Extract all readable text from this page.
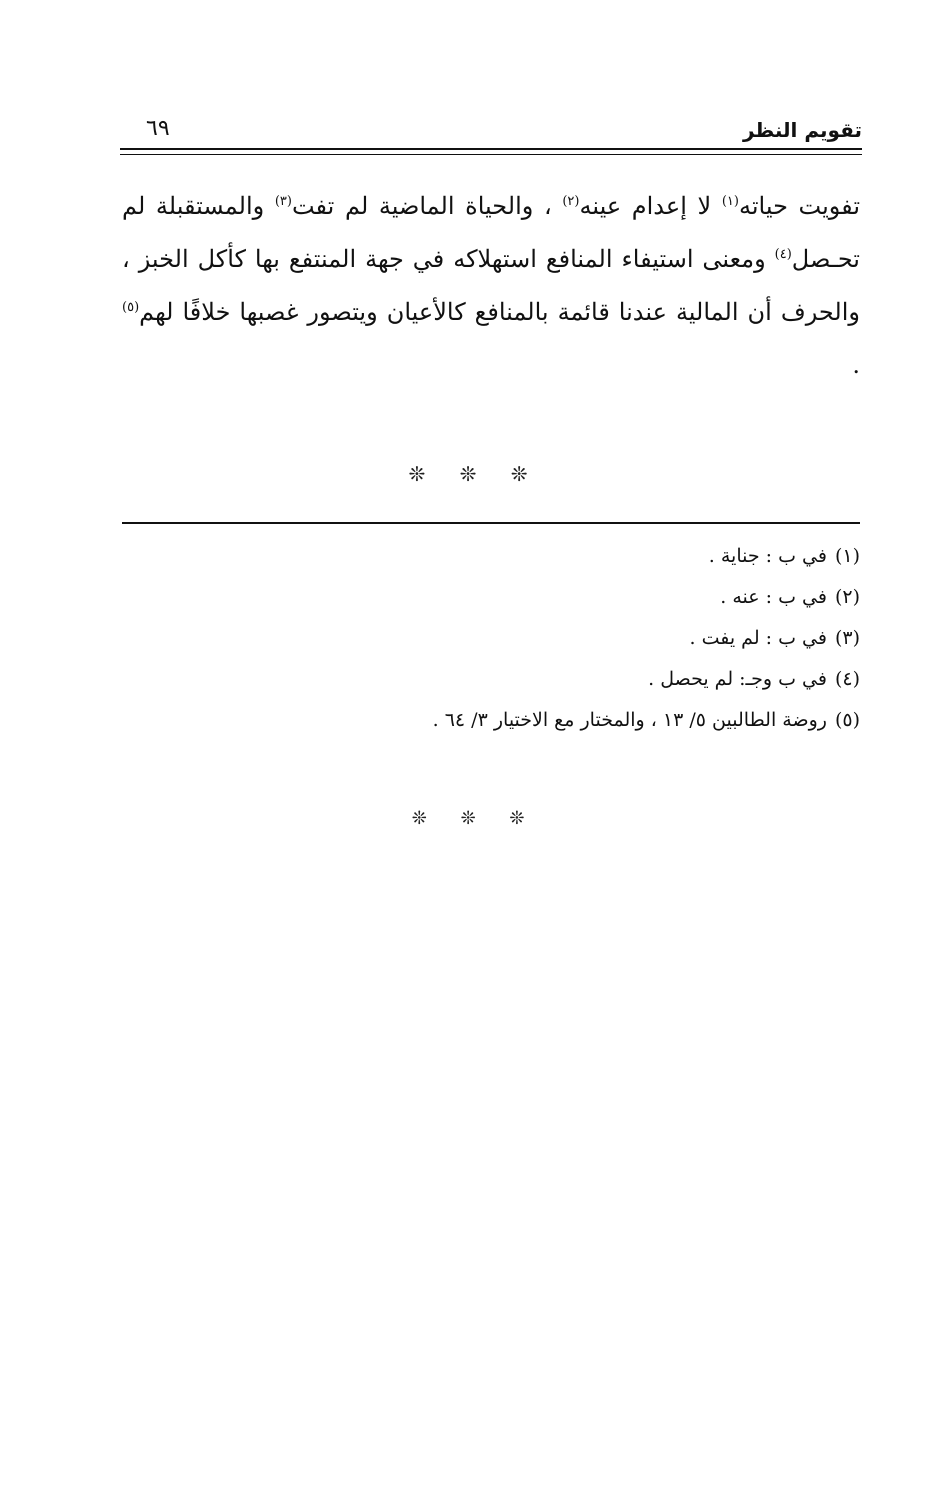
تقويم النظر
٦٩

تفويت حياته$^{(١)}$ لا إعدام عينه$^{(٢)}$ ، والحياة الماضية لم تفت$^{(٣)}$ والمستقبلة لم تحـصل$^{(٤)}$ ومعنى استيفاء المنافع استهلاكه في جهة المنتفع بها كأكل الخبز ، والحرف أن المالية عندنا قائمة بالمنافع كالأعيان ويتصور غصبها خلافًا لهم$^{(٥)}$ .

❊ ❊ ❊
(١)في ب : جناية .
(٢)في ب : عنه .
(٣)في ب : لم يفت .
(٤)في ب وجـ: لم يحصل .
(٥)روضة الطالبين ٥/ ١٣ ، والمختار مع الاختيار ٣/ ٦٤ .
❊ ❊ ❊
